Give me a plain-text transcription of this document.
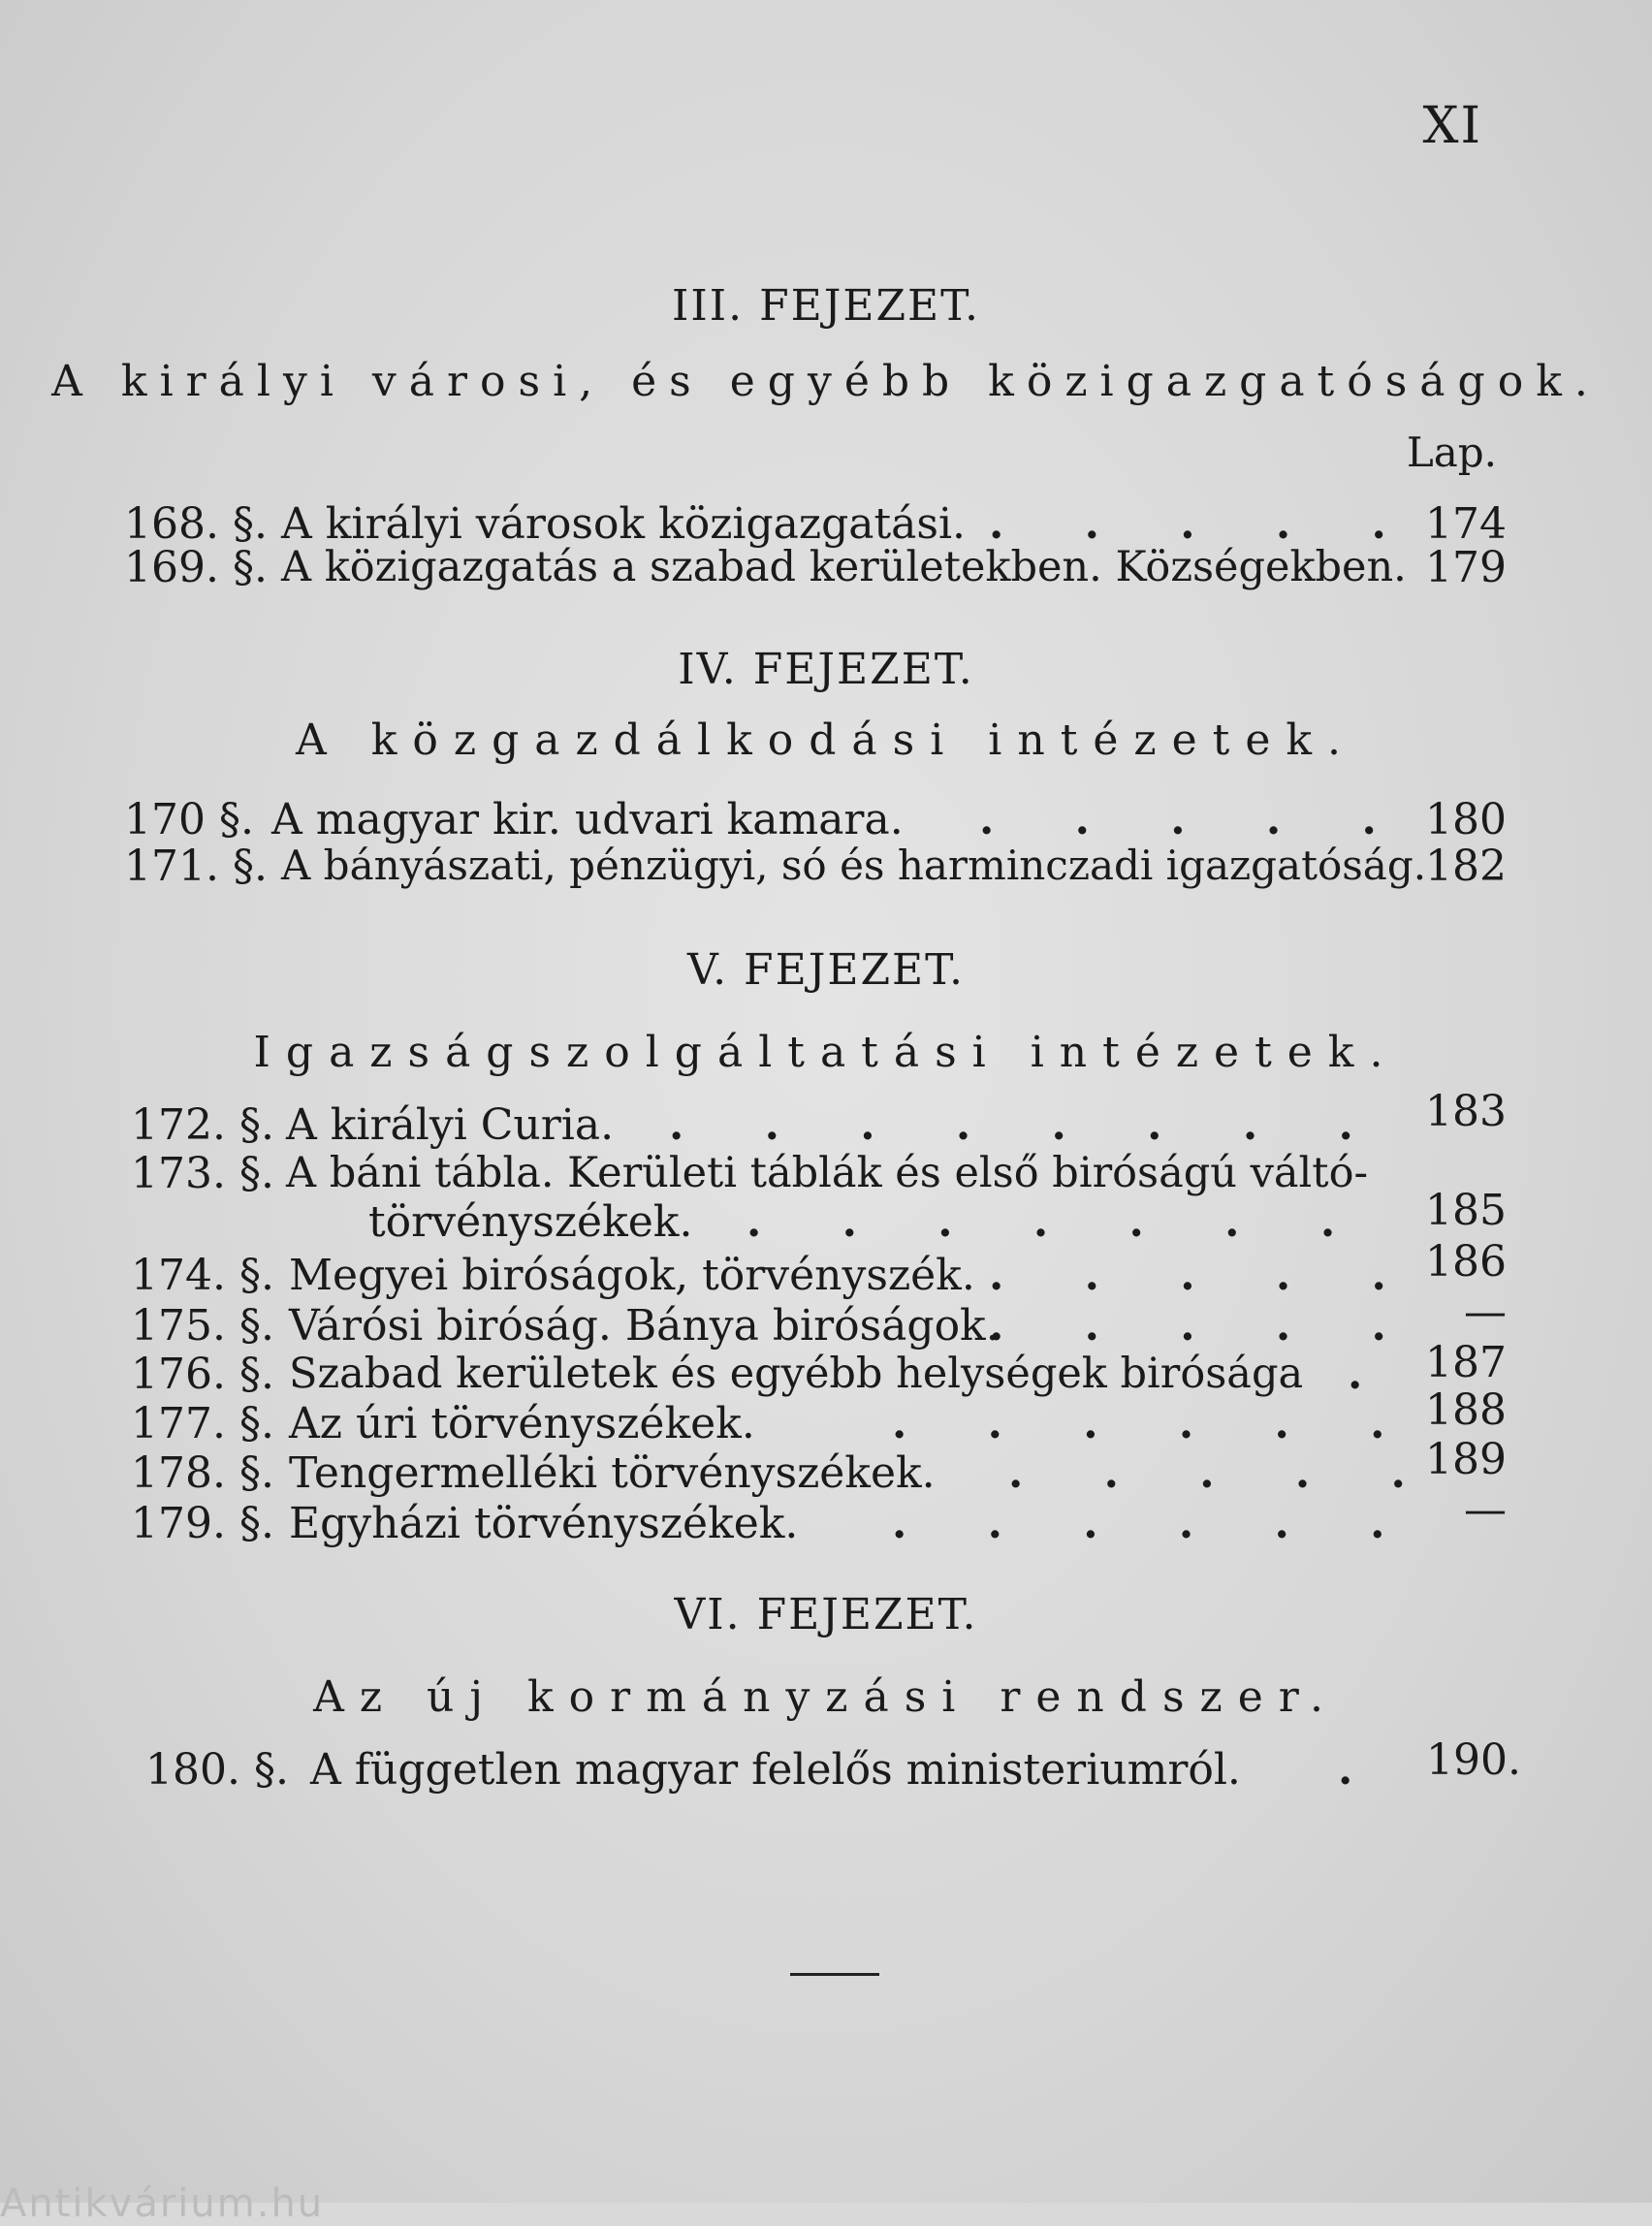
XI
III. FEJEZET.
A királyi városi, és egyébb közigazgatóságok.
Lap.
168. §. A királyi városok közigazgatási. . . . . . 174
169. §. A közigazgatás a szabad kerületekben. Községekben. 179
IV. FEJEZET.
A közgazdálkodási intézetek.
170 §. A magyar kir. udvari kamara. . . . . . 180
171. §. A bányászati, pénzügyi, só és harminczadi igazgatóság.
182
V. FEJEZET.
Igazságszolgáltatási intézetek.
172. §. A királyi Curia. . . . . . . . . 183
173. §. A báni tábla. Kerületi táblák és első biróságú váltó-
törvényszékek. . . . . . . . 185
174. §. Megyei biróságok, törvényszék. . . . . . 186
175. §. Várósi biróság. Bánya biróságok.
. . . . . —
176. §. Szabad kerületek és egyébb helységek birósága . 187
177. §. Az úri törvényszékek.	. . . . . . 188
178. §. Tengermelléki törvényszékek. . . . . .
189
179. §. Egyházi törvényszékek. . . . . . . —
VI. FEJEZET.
Az új kormányzási rendszer.
180. §. A független magyar felelős ministeriumról. . 190.
Antikvárium.hu
